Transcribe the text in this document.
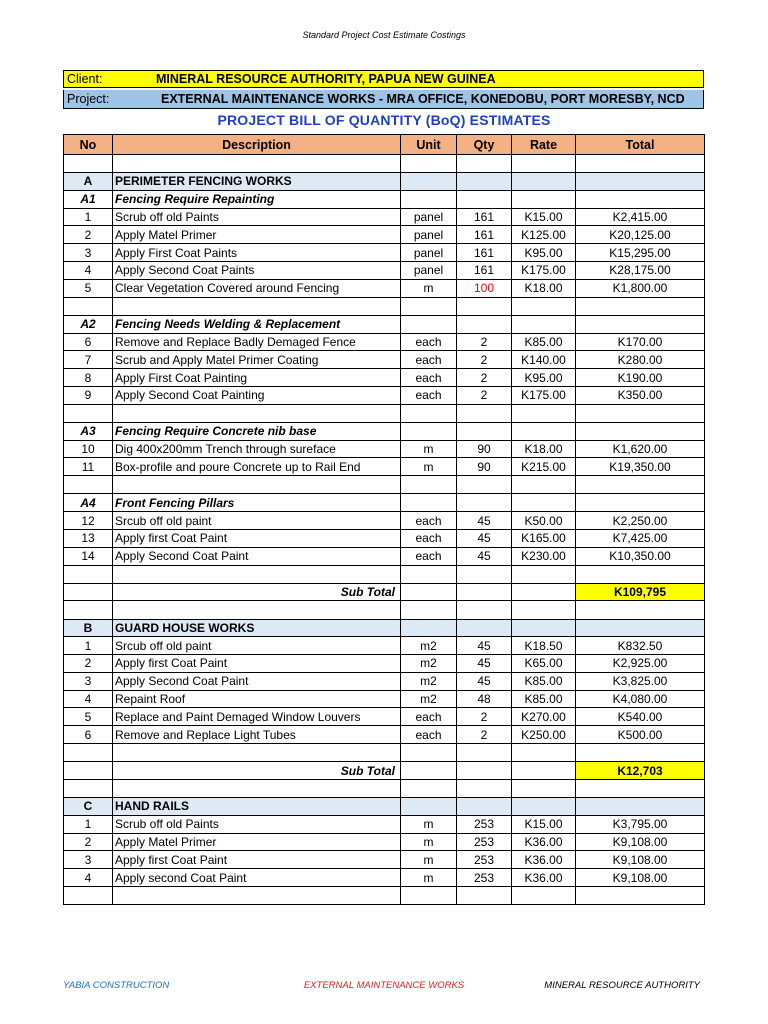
Standard Project Cost Estimate Costings
Client:	MINERAL RESOURCE AUTHORITY, PAPUA NEW GUINEA
Project:	EXTERNAL MAINTENANCE WORKS - MRA OFFICE, KONEDOBU, PORT MORESBY, NCD
PROJECT BILL OF QUANTITY (BoQ) ESTIMATES
No	Description	Unit	Qty	Rate	Total

A	PERIMETER FENCING WORKS				
A1	Fencing Require Repainting				
1	Scrub off old Paints	panel	161	K15.00	K2,415.00
2	Apply Matel Primer	panel	161	K125.00	K20,125.00
3	Apply First Coat Paints	panel	161	K95.00	K15,295.00
4	Apply Second Coat Paints	panel	161	K175.00	K28,175.00
5	Clear Vegetation Covered around Fencing	m	100	K18.00	K1,800.00

A2	Fencing Needs Welding & Replacement				
6	Remove and Replace Badly Demaged Fence	each	2	K85.00	K170.00
7	Scrub and Apply Matel Primer Coating	each	2	K140.00	K280.00
8	Apply First Coat Painting	each	2	K95.00	K190.00
9	Apply Second Coat Painting	each	2	K175.00	K350.00

A3	Fencing Require Concrete nib base				
10	Dig 400x200mm Trench through sureface	m	90	K18.00	K1,620.00
11	Box-profile and poure Concrete up to Rail End	m	90	K215.00	K19,350.00

A4	Front Fencing Pillars				
12	Srcub off old paint	each	45	K50.00	K2,250.00
13	Apply first Coat Paint	each	45	K165.00	K7,425.00
14	Apply Second Coat Paint	each	45	K230.00	K10,350.00

	Sub Total				K109,795

B	GUARD HOUSE WORKS				
1	Srcub off old paint	m2	45	K18.50	K832.50
2	Apply first Coat Paint	m2	45	K65.00	K2,925.00
3	Apply Second Coat Paint	m2	45	K85.00	K3,825.00
4	Repaint Roof	m2	48	K85.00	K4,080.00
5	Replace and Paint Demaged Window Louvers	each	2	K270.00	K540.00
6	Remove and Replace Light Tubes	each	2	K250.00	K500.00

	Sub Total				K12,703

C	HAND RAILS				
1	Scrub off old Paints	m	253	K15.00	K3,795.00
2	Apply Matel Primer	m	253	K36.00	K9,108.00
3	Apply first Coat Paint	m	253	K36.00	K9,108.00
4	Apply second Coat Paint	m	253	K36.00	K9,108.00

YABIA CONSTRUCTION	EXTERNAL MAINTENANCE WORKS	MINERAL RESOURCE AUTHORITY
